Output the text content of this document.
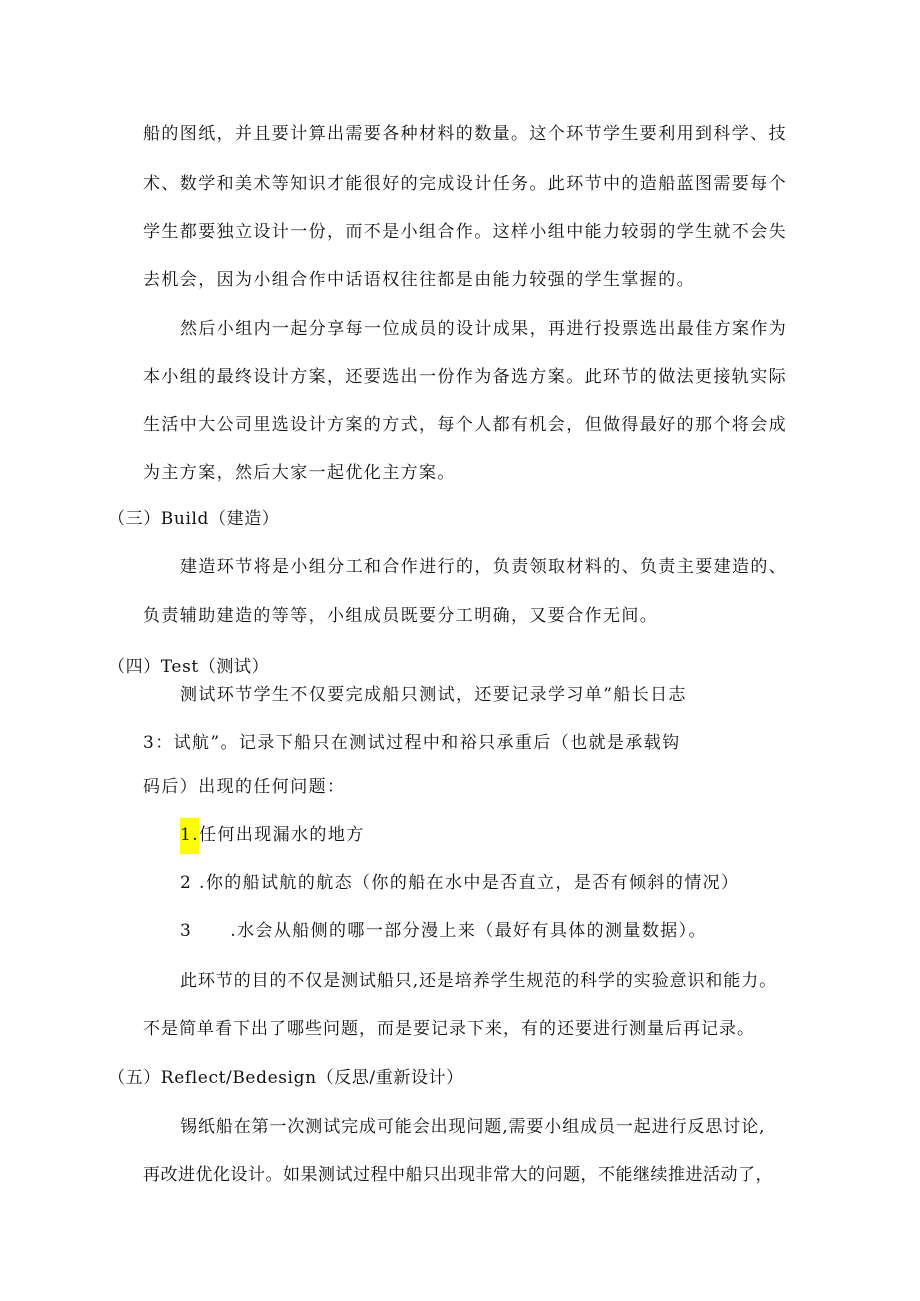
船的图纸，并且要计算出需要各种材料的数量。这个环节学生要利用到科学、技
术、数学和美术等知识才能很好的完成设计任务。此环节中的造船蓝图需要每个
学生都要独立设计一份，而不是小组合作。这样小组中能力较弱的学生就不会失
去机会，因为小组合作中话语权往往都是由能力较强的学生掌握的。
然后小组内一起分享每一位成员的设计成果，再进行投票选出最佳方案作为
本小组的最终设计方案，还要选出一份作为备选方案。此环节的做法更接轨实际
生活中大公司里选设计方案的方式，每个人都有机会，但做得最好的那个将会成
为主方案，然后大家一起优化主方案。
（三）Build（建造）
建造环节将是小组分工和合作进行的，负责领取材料的、负责主要建造的、
负责辅助建造的等等，小组成员既要分工明确，又要合作无间。
（四）Test（测试）
测试环节学生不仅要完成船只测试，还要记录学习单”船长日志
3：试航”。记录下船只在测试过程中和裕只承重后（也就是承载钩
码后）出现的任何问题：
1.任何出现漏水的地方
2 .你的船试航的航态（你的船在水中是否直立，是否有倾斜的情况）
3 .水会从船侧的哪一部分漫上来（最好有具体的测量数据）。
此环节的目的不仅是测试船只,还是培养学生规范的科学的实验意识和能力。
不是简单看下出了哪些问题，而是要记录下来，有的还要进行测量后再记录。
（五）Reflect/Bedesign（反思/重新设计）
锡纸船在第一次测试完成可能会出现问题,需要小组成员一起进行反思讨论,
再改进优化设计。如果测试过程中船只出现非常大的问题，不能继续推进活动了，
